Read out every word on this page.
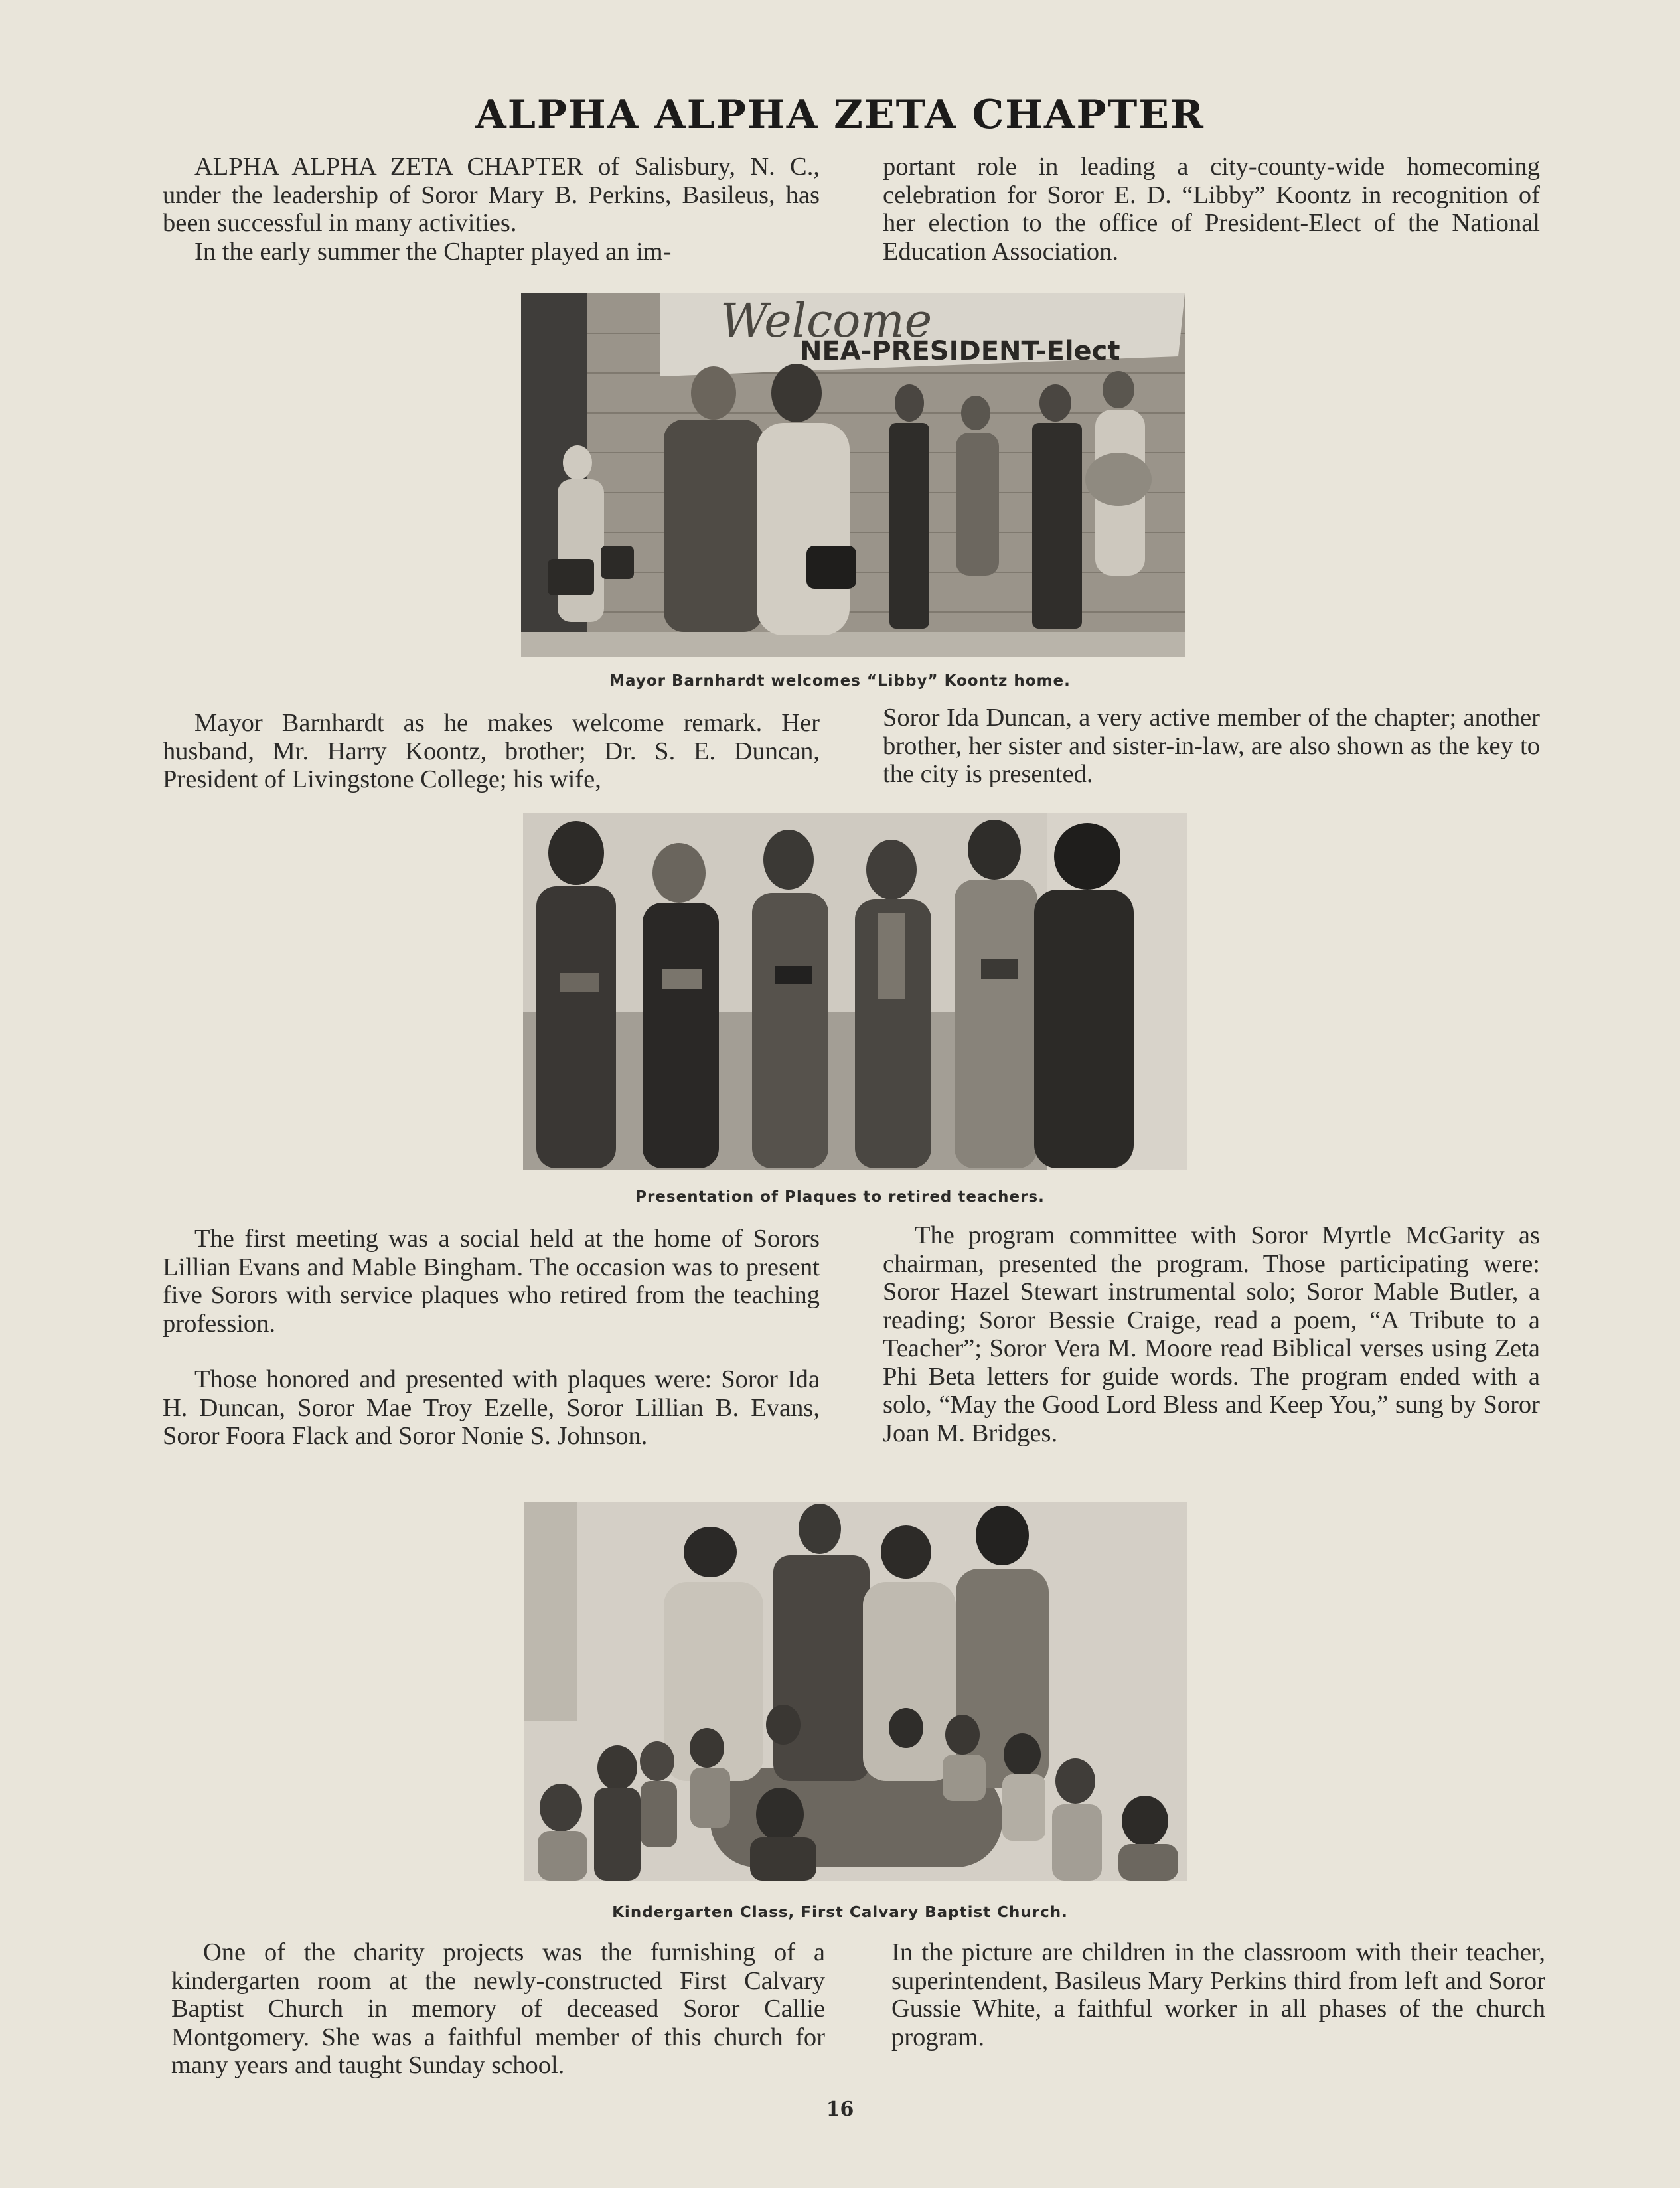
ALPHA ALPHA ZETA CHAPTER

ALPHA ALPHA ZETA CHAPTER of Salisbury, N. C., under the leadership of Soror Mary B. Perkins, Basileus, has been successful in many activities.

In the early summer the Chapter played an im-

portant role in leading a city-county-wide homecoming celebration for Soror E. D. “Libby” Koontz in recognition of her election to the office of President-Elect of the National Education Association.

Welcome
NEA-PRESIDENT-Elect
Mayor Barnhardt welcomes “Libby” Koontz home.

Mayor Barnhardt as he makes welcome remark. Her husband, Mr. Harry Koontz, brother; Dr. S. E. Duncan, President of Livingstone College; his wife,

Soror Ida Duncan, a very active member of the chapter; another brother, her sister and sister-in-law, are also shown as the key to the city is presented.

Presentation of Plaques to retired teachers.

The first meeting was a social held at the home of Sorors Lillian Evans and Mable Bingham. The occasion was to present five Sorors with service plaques who retired from the teaching profession.

Those honored and presented with plaques were: Soror Ida H. Duncan, Soror Mae Troy Ezelle, Soror Lillian B. Evans, Soror Foora Flack and Soror Nonie S. Johnson.

The program committee with Soror Myrtle McGarity as chairman, presented the program. Those participating were: Soror Hazel Stewart instrumental solo; Soror Mable Butler, a reading; Soror Bessie Craige, read a poem, “A Tribute to a Teacher”; Soror Vera M. Moore read Biblical verses using Zeta Phi Beta letters for guide words. The program ended with a solo, “May the Good Lord Bless and Keep You,” sung by Soror Joan M. Bridges.

Kindergarten Class, First Calvary Baptist Church.

One of the charity projects was the furnishing of a kindergarten room at the newly-constructed First Calvary Baptist Church in memory of deceased Soror Callie Montgomery. She was a faithful member of this church for many years and taught Sunday school.

In the picture are children in the classroom with their teacher, superintendent, Basileus Mary Perkins third from left and Soror Gussie White, a faithful worker in all phases of the church program.

16
